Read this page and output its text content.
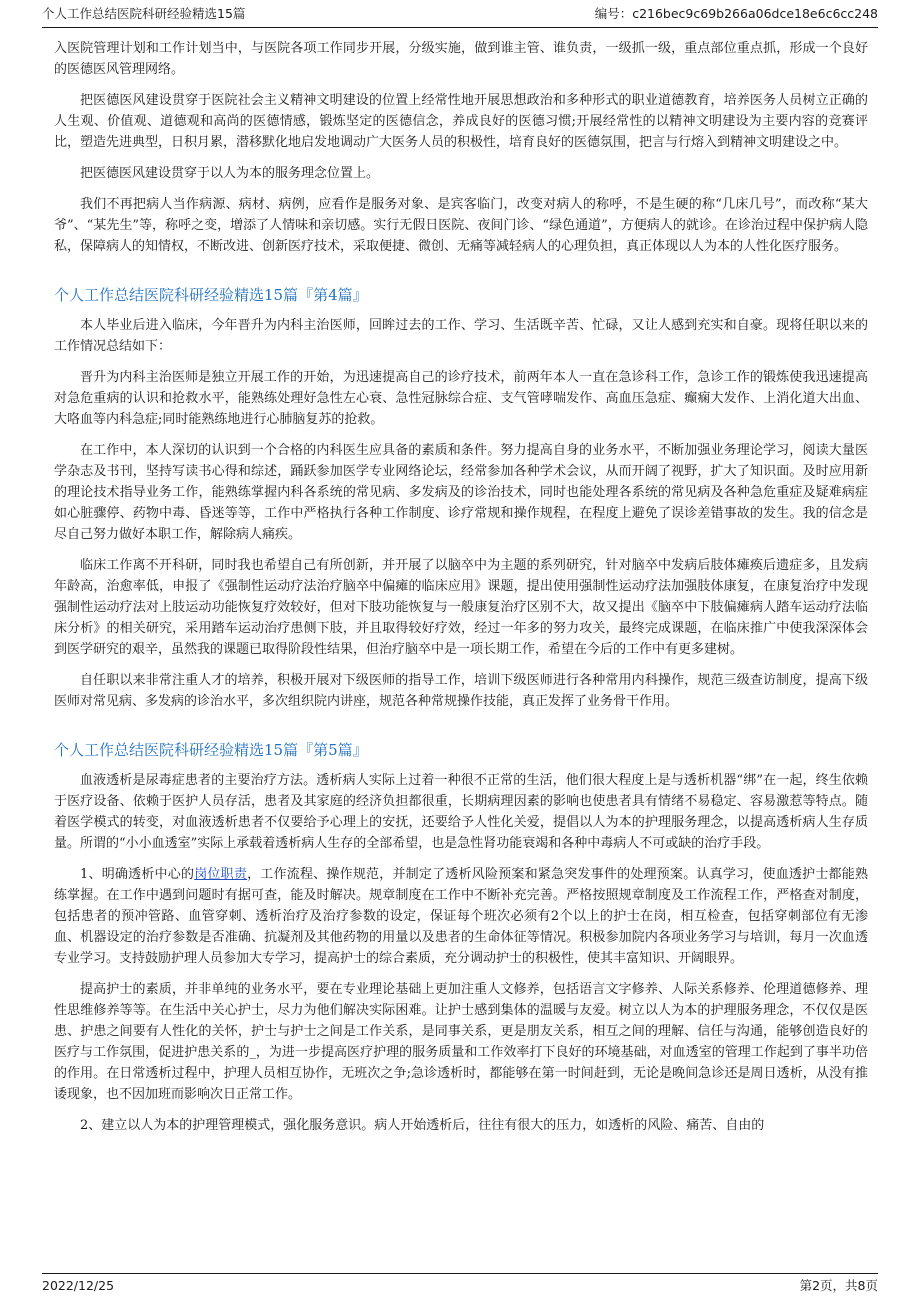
个人工作总结医院科研经验精选15篇	编号：c216bec9c69b266a06dce18e6c6cc248

入医院管理计划和工作计划当中，与医院各项工作同步开展，分级实施，做到谁主管、谁负责，一级抓一级，重点部位重点抓，形成一个良好的医德医风管理网络。

把医德医风建设贯穿于医院社会主义精神文明建设的位置上经常性地开展思想政治和多种形式的职业道德教育，培养医务人员树立正确的人生观、价值观、道德观和高尚的医德情感，锻炼坚定的医德信念，养成良好的医德习惯;开展经常性的以精神文明建设为主要内容的竞赛评比，塑造先进典型，日积月累，潜移默化地启发地调动广大医务人员的积极性，培育良好的医德氛围，把言与行熔入到精神文明建设之中。

把医德医风建设贯穿于以人为本的服务理念位置上。

我们不再把病人当作病源、病材、病例，应看作是服务对象、是宾客临门，改变对病人的称呼，不是生硬的称“几床几号”，而改称“某大爷”、“某先生”等，称呼之变，增添了人情味和亲切感。实行无假日医院、夜间门诊、“绿色通道”，方便病人的就诊。在诊治过程中保护病人隐私，保障病人的知情权，不断改进、创新医疗技术，采取便捷、微创、无痛等减轻病人的心理负担，真正体现以人为本的人性化医疗服务。

个人工作总结医院科研经验精选15篇『第4篇』

本人毕业后进入临床，今年晋升为内科主治医师，回眸过去的工作、学习、生活既辛苦、忙碌，又让人感到充实和自豪。现将任职以来的工作情况总结如下：

晋升为内科主治医师是独立开展工作的开始，为迅速提高自己的诊疗技术，前两年本人一直在急诊科工作，急诊工作的锻炼使我迅速提高对急危重病的认识和抢救水平，能熟练处理好急性左心衰、急性冠脉综合症、支气管哮喘发作、高血压急症、癫痫大发作、上消化道大出血、大咯血等内科急症;同时能熟练地进行心肺脑复苏的抢救。

在工作中，本人深切的认识到一个合格的内科医生应具备的素质和条件。努力提高自身的业务水平，不断加强业务理论学习，阅读大量医学杂志及书刊，坚持写读书心得和综述，踊跃参加医学专业网络论坛，经常参加各种学术会议，从而开阔了视野，扩大了知识面。及时应用新的理论技术指导业务工作，能熟练掌握内科各系统的常见病、多发病及的诊治技术，同时也能处理各系统的常见病及各种急危重症及疑难病症如心脏骤停、药物中毒、昏迷等等，工作中严格执行各种工作制度、诊疗常规和操作规程，在程度上避免了误诊差错事故的发生。我的信念是尽自己努力做好本职工作，解除病人痛疾。

临床工作离不开科研，同时我也希望自己有所创新，并开展了以脑卒中为主题的系列研究，针对脑卒中发病后肢体瘫痪后遗症多，且发病年龄高，治愈率低，申报了《强制性运动疗法治疗脑卒中偏瘫的临床应用》课题，提出使用强制性运动疗法加强肢体康复，在康复治疗中发现强制性运动疗法对上肢运动功能恢复疗效较好，但对下肢功能恢复与一般康复治疗区别不大，故又提出《脑卒中下肢偏瘫病人踏车运动疗法临床分析》的相关研究，采用踏车运动治疗患侧下肢，并且取得较好疗效，经过一年多的努力攻关，最终完成课题，在临床推广中使我深深体会到医学研究的艰辛，虽然我的课题已取得阶段性结果，但治疗脑卒中是一项长期工作，希望在今后的工作中有更多建树。

自任职以来非常注重人才的培养，积极开展对下级医师的指导工作，培训下级医师进行各种常用内科操作，规范三级查访制度，提高下级医师对常见病、多发病的诊治水平，多次组织院内讲座，规范各种常规操作技能，真正发挥了业务骨干作用。

个人工作总结医院科研经验精选15篇『第5篇』

血液透析是尿毒症患者的主要治疗方法。透析病人实际上过着一种很不正常的生活，他们很大程度上是与透析机器“绑”在一起，终生依赖于医疗设备、依赖于医护人员存活，患者及其家庭的经济负担都很重，长期病理因素的影响也使患者具有情绪不易稳定、容易激惹等特点。随着医学模式的转变，对血液透析患者不仅要给予心理上的安抚，还要给予人性化关爱，提倡以人为本的护理服务理念，以提高透析病人生存质量。所谓的“小小血透室”实际上承载着透析病人生存的全部希望，也是急性肾功能衰竭和各种中毒病人不可或缺的治疗手段。

1、明确透析中心的岗位职责，工作流程、操作规范，并制定了透析风险预案和紧急突发事件的处理预案。认真学习，使血透护士都能熟练掌握。在工作中遇到问题时有据可查，能及时解决。规章制度在工作中不断补充完善。严格按照规章制度及工作流程工作，严格查对制度，包括患者的预冲管路、血管穿刺、透析治疗及治疗参数的设定，保证每个班次必须有2个以上的护士在岗，相互检查，包括穿刺部位有无渗血、机器设定的治疗参数是否准确、抗凝剂及其他药物的用量以及患者的生命体征等情况。积极参加院内各项业务学习与培训，每月一次血透专业学习。支持鼓励护理人员参加大专学习，提高护士的综合素质，充分调动护士的积极性，使其丰富知识、开阔眼界。

提高护士的素质，并非单纯的业务水平，要在专业理论基础上更加注重人文修养，包括语言文字修养、人际关系修养、伦理道德修养、理性思维修养等等。在生活中关心护士，尽力为他们解决实际困难。让护士感到集体的温暖与友爱。树立以人为本的护理服务理念，不仅仅是医患、护患之间要有人性化的关怀，护士与护士之间是工作关系，是同事关系，更是朋友关系，相互之间的理解、信任与沟通，能够创造良好的医疗与工作氛围，促进护患关系的_，为进一步提高医疗护理的服务质量和工作效率打下良好的环境基础，对血透室的管理工作起到了事半功倍的作用。在日常透析过程中，护理人员相互协作，无班次之争;急诊透析时，都能够在第一时间赶到，无论是晚间急诊还是周日透析，从没有推诿现象，也不因加班而影响次日正常工作。

2、建立以人为本的护理管理模式，强化服务意识。病人开始透析后，往往有很大的压力，如透析的风险、痛苦、自由的

2022/12/25	第2页，共8页
